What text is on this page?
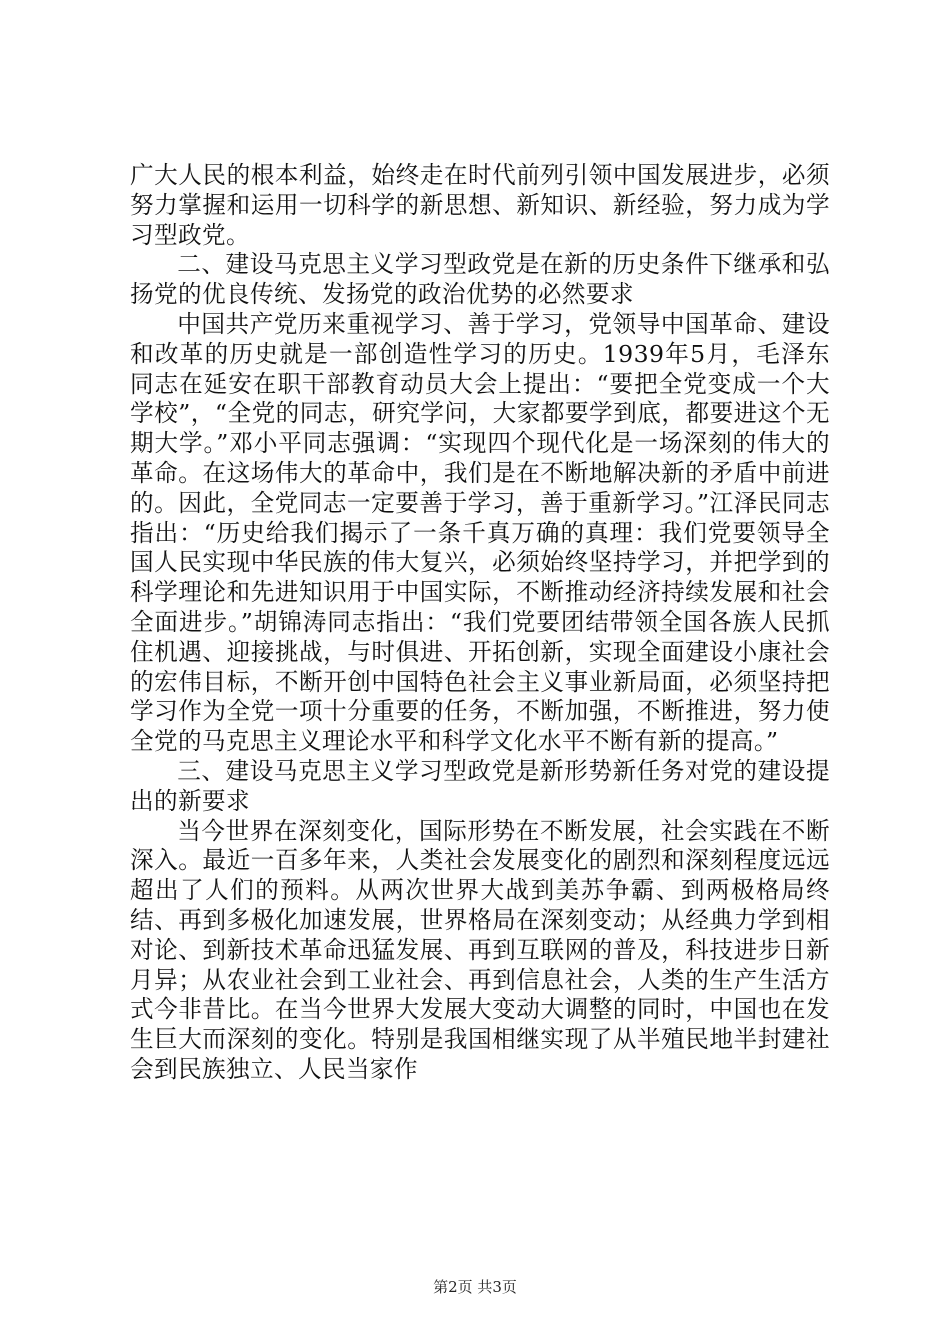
广大人民的根本利益，始终走在时代前列引领中国发展进步，必须努力掌握和运用一切科学的新思想、新知识、新经验，努力成为学习型政党。

二、建设马克思主义学习型政党是在新的历史条件下继承和弘扬党的优良传统、发扬党的政治优势的必然要求

中国共产党历来重视学习、善于学习，党领导中国革命、建设和改革的历史就是一部创造性学习的历史。1939年5月，毛泽东同志在延安在职干部教育动员大会上提出：“要把全党变成一个大学校”，“全党的同志，研究学问，大家都要学到底，都要进这个无期大学。”邓小平同志强调：“实现四个现代化是一场深刻的伟大的革命。在这场伟大的革命中，我们是在不断地解决新的矛盾中前进的。因此，全党同志一定要善于学习，善于重新学习。”江泽民同志指出：“历史给我们揭示了一条千真万确的真理：我们党要领导全国人民实现中华民族的伟大复兴，必须始终坚持学习，并把学到的科学理论和先进知识用于中国实际，不断推动经济持续发展和社会全面进步。”胡锦涛同志指出：“我们党要团结带领全国各族人民抓住机遇、迎接挑战，与时俱进、开拓创新，实现全面建设小康社会的宏伟目标，不断开创中国特色社会主义事业新局面，必须坚持把学习作为全党一项十分重要的任务，不断加强，不断推进，努力使全党的马克思主义理论水平和科学文化水平不断有新的提高。”

三、建设马克思主义学习型政党是新形势新任务对党的建设提出的新要求

当今世界在深刻变化，国际形势在不断发展，社会实践在不断深入。最近一百多年来，人类社会发展变化的剧烈和深刻程度远远超出了人们的预料。从两次世界大战到美苏争霸、到两极格局终结、再到多极化加速发展，世界格局在深刻变动；从经典力学到相对论、到新技术革命迅猛发展、再到互联网的普及，科技进步日新月异；从农业社会到工业社会、再到信息社会，人类的生产生活方式今非昔比。在当今世界大发展大变动大调整的同时，中国也在发生巨大而深刻的变化。特别是我国相继实现了从半殖民地半封建社会到民族独立、人民当家作

第2页 共3页
